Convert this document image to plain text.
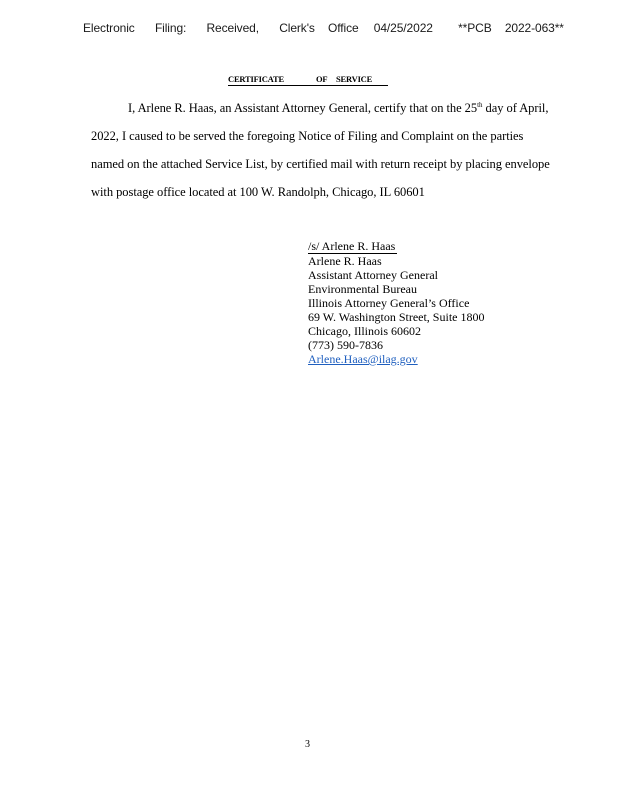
Electronic Filing: Received, Clerk's Office 04/25/2022 **PCB 2022-063**
CERTIFICATE	OF SERVICE

I, Arlene R. Haas, an Assistant Attorney General, certify that on the 25th day of April, 2022, I caused to be served the foregoing Notice of Filing and Complaint on the parties named on the attached Service List, by certified mail with return receipt by placing envelope with postage office located at 100 W. Randolph, Chicago, IL 60601

/s/ Arlene R. Haas
Arlene R. Haas
Assistant Attorney General
Environmental Bureau
Illinois Attorney General’s Office
69 W. Washington Street, Suite 1800
Chicago, Illinois 60602
(773) 590-7836
Arlene.Haas@ilag.gov
3
